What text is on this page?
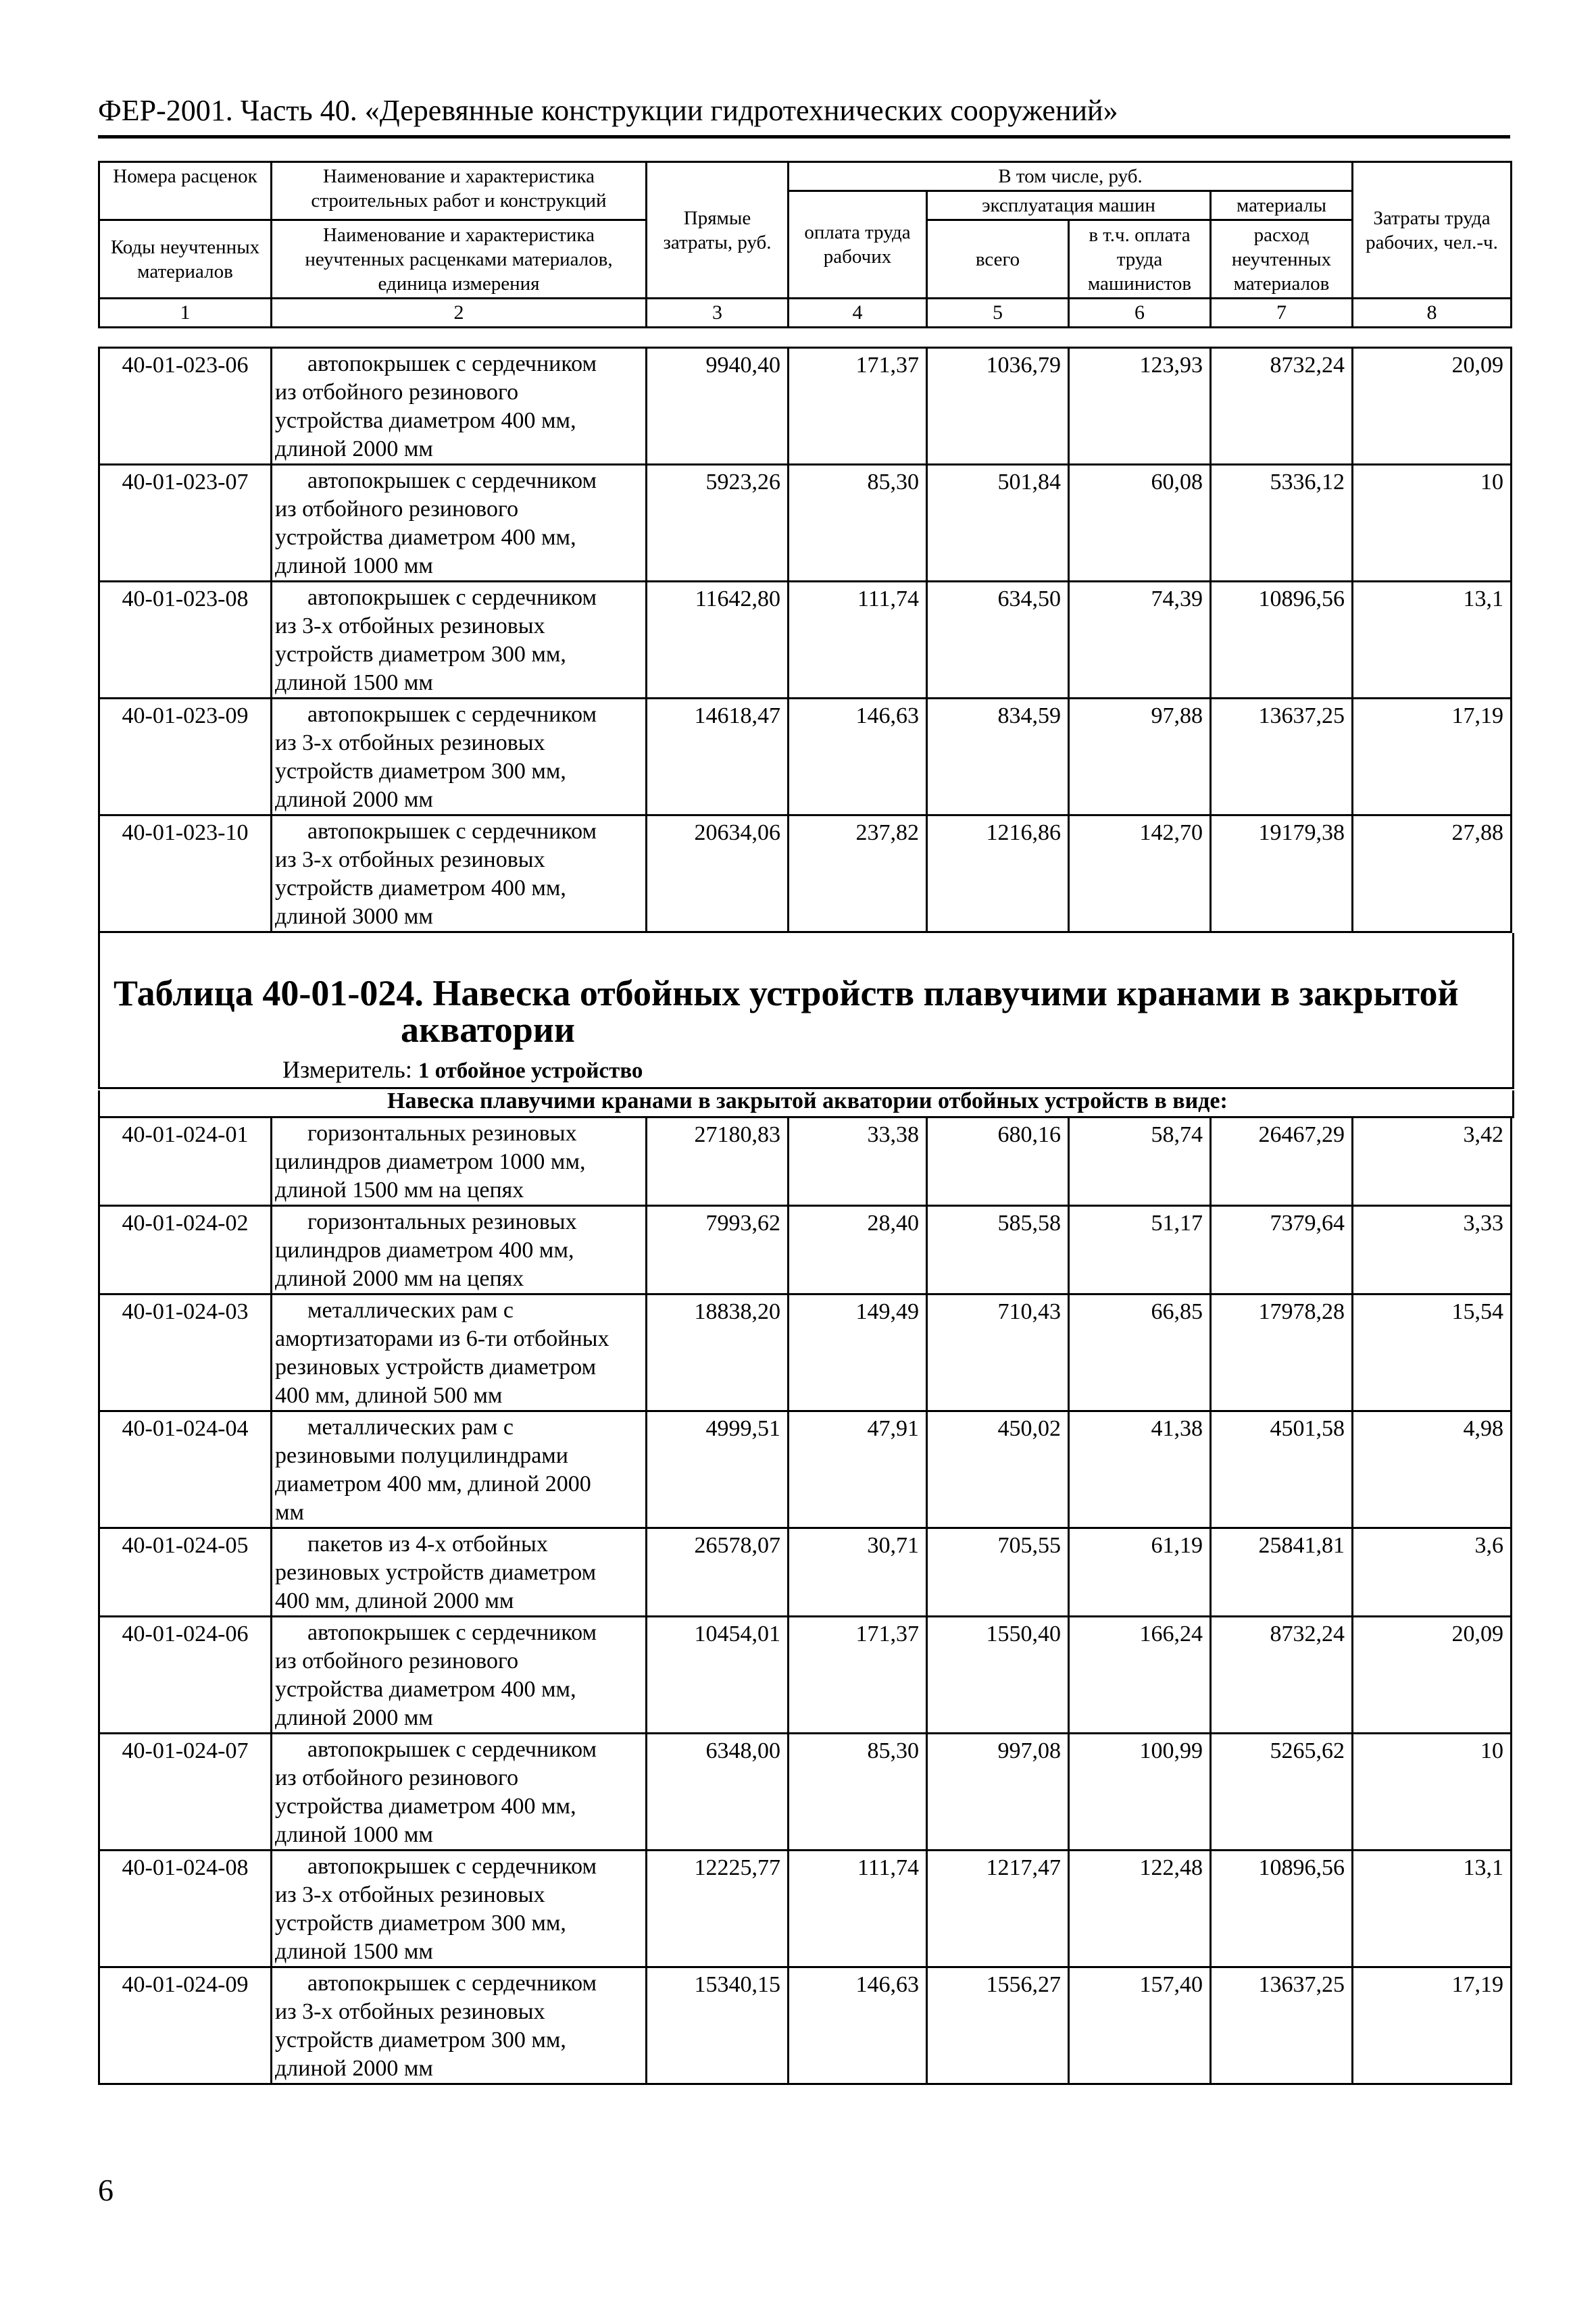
ФЕР-2001. Часть 40. «Деревянные конструкции гидротехнических сооружений»
Номера расценок	Наименование и характеристика строительных работ и конструкций	Прямые затраты, руб.	В том числе, руб.				Затраты труда рабочих, чел.-ч.
			оплата труда рабочих	эксплуатация машин		материалы	
Коды неучтенных материалов	Наименование и характеристика неучтенных расценками материалов, единица измерения			всего	в т.ч. оплата труда машинистов	расход неучтенных материалов	

1	2	3	4	5	6	7	8
40-01-023-06	автопокрышек с сердечником
из отбойного резинового
устройства диаметром 400 мм,
длиной 2000 мм	9940,40	171,37	1036,79	123,93	8732,24	20,09
40-01-023-07	автопокрышек с сердечником
из отбойного резинового
устройства диаметром 400 мм,
длиной 1000 мм	5923,26	85,30	501,84	60,08	5336,12	10
40-01-023-08	автопокрышек с сердечником
из 3-х отбойных резиновых
устройств диаметром 300 мм,
длиной 1500 мм	11642,80	111,74	634,50	74,39	10896,56	13,1
40-01-023-09	автопокрышек с сердечником
из 3-х отбойных резиновых
устройств диаметром 300 мм,
длиной 2000 мм	14618,47	146,63	834,59	97,88	13637,25	17,19
40-01-023-10	автопокрышек с сердечником
из 3-х отбойных резиновых
устройств диаметром 400 мм,
длиной 3000 мм	20634,06	237,82	1216,86	142,70	19179,38	27,88
Таблица 40-01-024. Навеска отбойных устройств плавучими кранами в закрытой
акватории
Измеритель: 1 отбойное устройство
Навеска плавучими кранами в закрытой акватории отбойных устройств в виде:
40-01-024-01	горизонтальных резиновых
цилиндров диаметром 1000 мм,
длиной 1500 мм на цепях	27180,83	33,38	680,16	58,74	26467,29	3,42
40-01-024-02	горизонтальных резиновых
цилиндров диаметром 400 мм,
длиной 2000 мм на цепях	7993,62	28,40	585,58	51,17	7379,64	3,33
40-01-024-03	металлических рам с
амортизаторами из 6-ти отбойных
резиновых устройств диаметром
400 мм, длиной 500 мм	18838,20	149,49	710,43	66,85	17978,28	15,54
40-01-024-04	металлических рам с
резиновыми полуцилиндрами
диаметром 400 мм, длиной 2000
мм	4999,51	47,91	450,02	41,38	4501,58	4,98
40-01-024-05	пакетов из 4-х отбойных
резиновых устройств диаметром
400 мм, длиной 2000 мм	26578,07	30,71	705,55	61,19	25841,81	3,6
40-01-024-06	автопокрышек с сердечником
из отбойного резинового
устройства диаметром 400 мм,
длиной 2000 мм	10454,01	171,37	1550,40	166,24	8732,24	20,09
40-01-024-07	автопокрышек с сердечником
из отбойного резинового
устройства диаметром 400 мм,
длиной 1000 мм	6348,00	85,30	997,08	100,99	5265,62	10
40-01-024-08	автопокрышек с сердечником
из 3-х отбойных резиновых
устройств диаметром 300 мм,
длиной 1500 мм	12225,77	111,74	1217,47	122,48	10896,56	13,1
40-01-024-09	автопокрышек с сердечником
из 3-х отбойных резиновых
устройств диаметром 300 мм,
длиной 2000 мм	15340,15	146,63	1556,27	157,40	13637,25	17,19
6
